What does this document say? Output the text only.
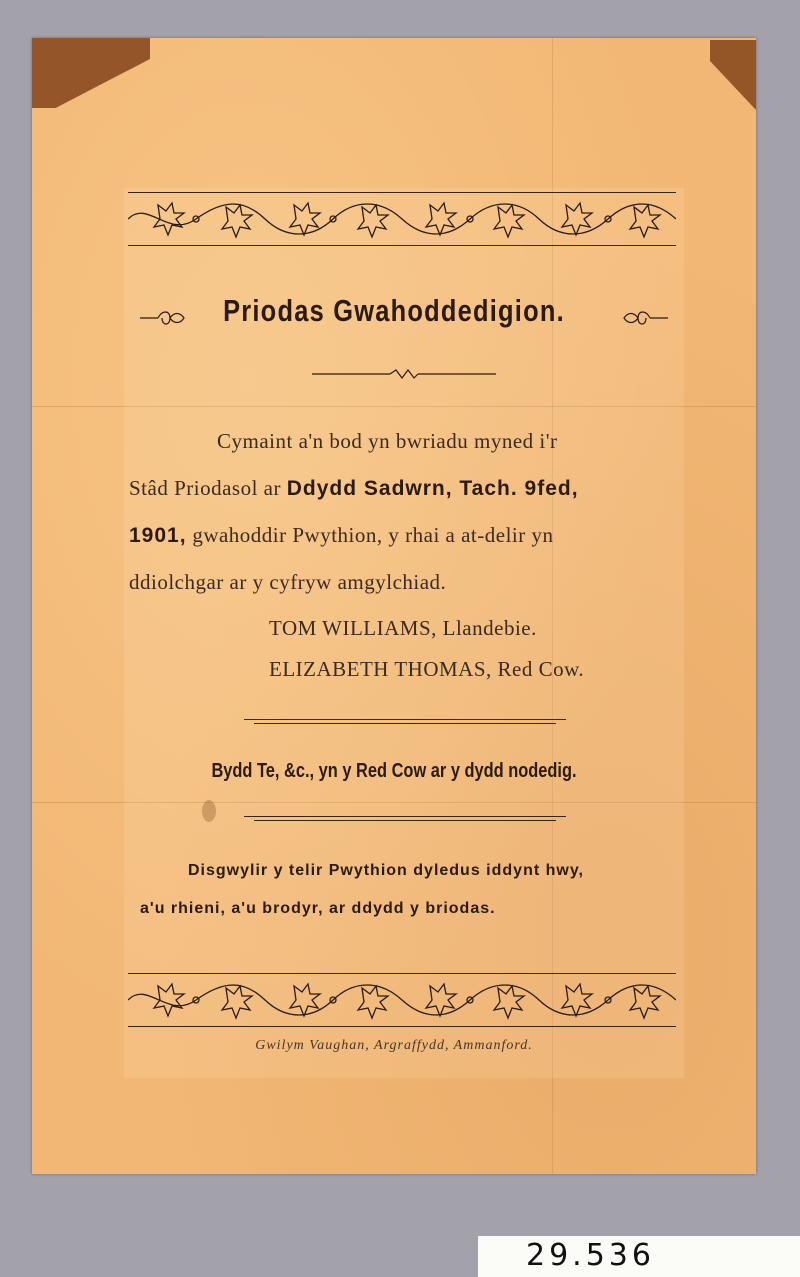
Priodas Gwahoddedigion.
Cymaint a'n bod yn bwriadu myned i'r
Stâd Priodasol ar Ddydd Sadwrn, Tach. 9fed,
1901, gwahoddir Pwythion, y rhai a at-delir yn
ddiolchgar ar y cyfryw amgylchiad.
TOM WILLIAMS, Llandebie.
ELIZABETH THOMAS, Red Cow.
Bydd Te, &c., yn y Red Cow ar y dydd nodedig.
Disgwylir y telir Pwythion dyledus iddynt hwy,
a'u rhieni, a'u brodyr, ar ddydd y briodas.
Gwilym Vaughan, Argraffydd, Ammanford.
29.536
